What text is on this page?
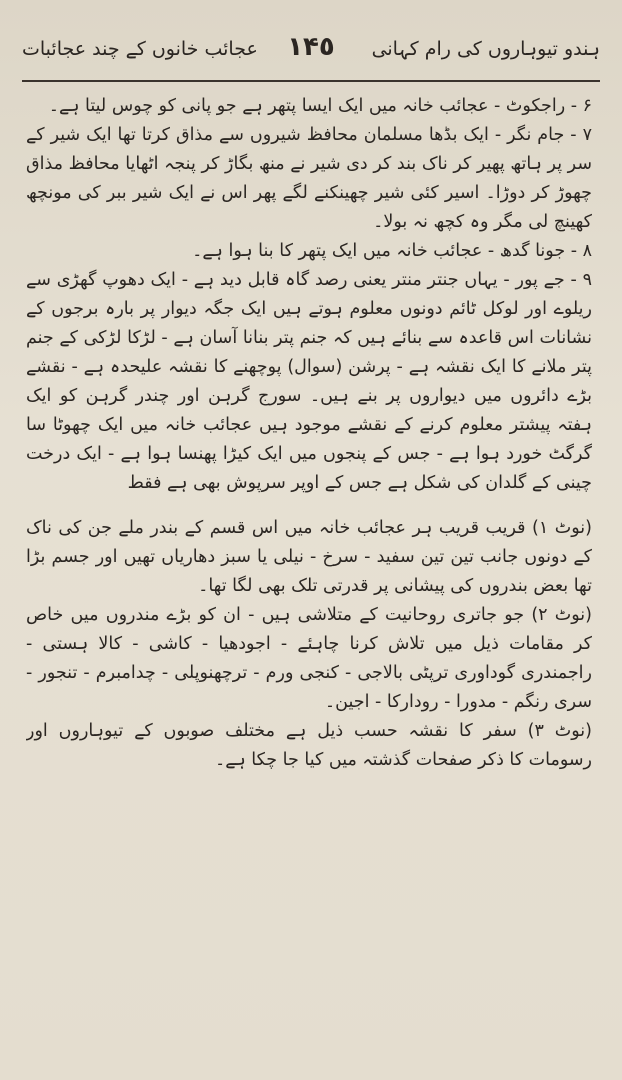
ہندو تیوہاروں کی رام کہانی
١۴٥
عجائب خانوں کے چند عجائبات

۶ - راجکوٹ - عجائب خانہ میں ایک ایسا پتھر ہے جو پانی کو چوس لیتا ہے۔

۷ - جام نگر - ایک بڈھا مسلمان محافظ شیروں سے مذاق کرتا تھا ایک شیر کے سر پر ہاتھ پھیر کر ناک بند کر دی شیر نے منھ بگاڑ کر پنجہ اٹھایا محافظ مذاق چھوڑ کر دوڑا۔ اسیر کئی شیر چھینکنے لگے پھر اس نے ایک شیر ببر کی مونچھ کھینچ لی مگر وہ کچھ نہ بولا۔

۸ - جونا گدھ - عجائب خانہ میں ایک پتھر کا بنا ہوا ہے۔

۹ - جے پور - یہاں جنتر منتر یعنی رصد گاہ قابل دید ہے - ایک دھوپ گھڑی سے ریلوے اور لوکل ٹائم دونوں معلوم ہوتے ہیں ایک جگہ دیوار پر بارہ برجوں کے نشانات اس قاعدہ سے بنائے ہیں کہ جنم پتر بنانا آسان ہے - لڑکا لڑکی کے جنم پتر ملانے کا ایک نقشہ ہے - پرشن (سوال) پوچھنے کا نقشہ علیحدہ ہے - نقشے بڑے دائروں میں دیواروں پر بنے ہیں۔ سورج گرہن اور چندر گرہن کو ایک ہفتہ پیشتر معلوم کرنے کے نقشے موجود ہیں عجائب خانہ میں ایک چھوٹا سا گرگٹ خورد ہوا ہے - جس کے پنجوں میں ایک کیڑا پھنسا ہوا ہے - ایک درخت چینی کے گلدان کی شکل ہے جس کے اوپر سرپوش بھی ہے فقط

(نوٹ ۱) قریب قریب ہر عجائب خانہ میں اس قسم کے بندر ملے جن کی ناک کے دونوں جانب تین تین سفید - سرخ - نیلی یا سبز دھاریاں تھیں اور جسم بڑا تھا بعض بندروں کی پیشانی پر قدرتی تلک بھی لگا تھا۔

(نوٹ ۲) جو جاتری روحانیت کے متلاشی ہیں - ان کو بڑے مندروں میں خاص کر مقامات ذیل میں تلاش کرنا چاہئے - اجودھیا - کاشی - کالا ہستی - راجمندری گوداوری ترپٹی بالاجی - کنجی ورم - ترچھنوپلی - چدامبرم - تنجور - سری رنگم - مدورا - رودارکا - اجین۔

(نوٹ ۳) سفر کا نقشہ حسب ذیل ہے مختلف صوبوں کے تیوہاروں اور رسومات کا ذکر صفحات گذشتہ میں کیا جا چکا ہے۔
